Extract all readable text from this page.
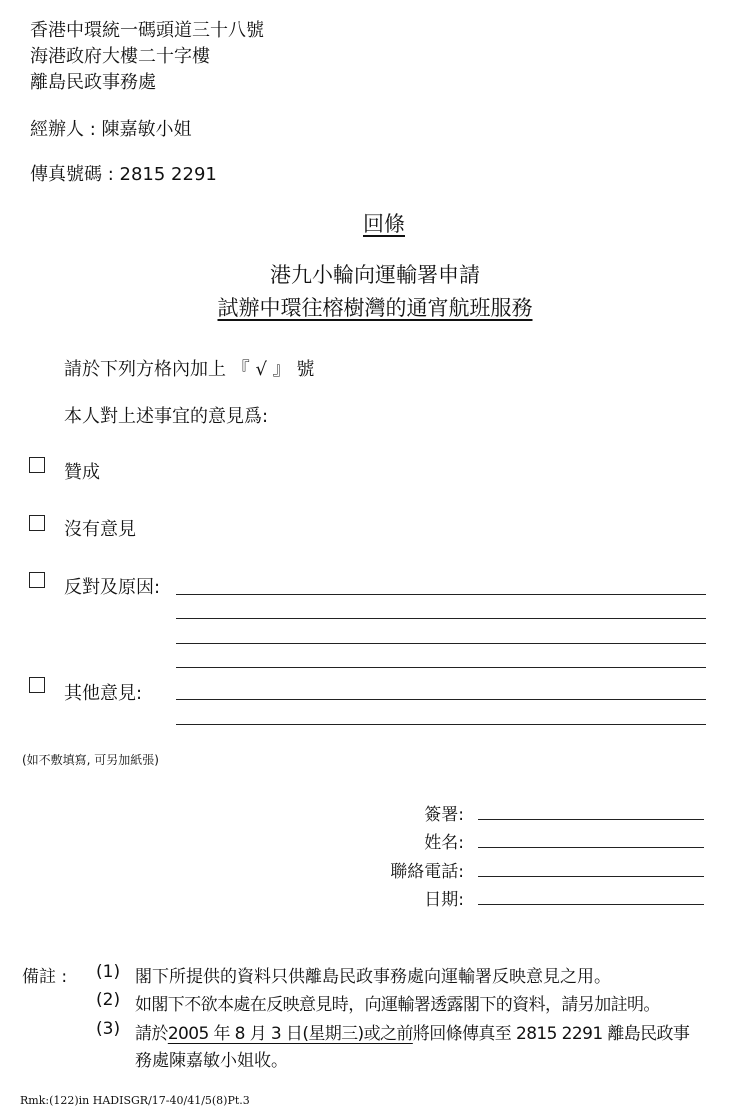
香港中環統一碼頭道三十八號
海港政府大樓二十字樓
離島民政事務處
經辦人 : 陳嘉敏小姐
傳真號碼 : 2815 2291
回條
港九小輪向運輸署申請
試辦中環往榕樹灣的通宵航班服務
請於下列方格內加上 『 √ 』 號
本人對上述事宜的意見爲:
贊成
沒有意見
反對及原因:
其他意見:
(如不敷填寫, 可另加紙張)
簽署:
姓名:
聯絡電話:
日期:
備註 : (1) 閣下所提供的資料只供離島民政事務處向運輸署反映意見之用。
(2) 如閣下不欲本處在反映意見時，向運輸署透露閣下的資料，請另加註明。
(3) 請於2005 年 8 月 3 日(星期三)或之前將回條傳真至 2815 2291 離島民政事
務處陳嘉敏小姐收。
Rmk:(122)in HADISGR/17-40/41/5(8)Pt.3
